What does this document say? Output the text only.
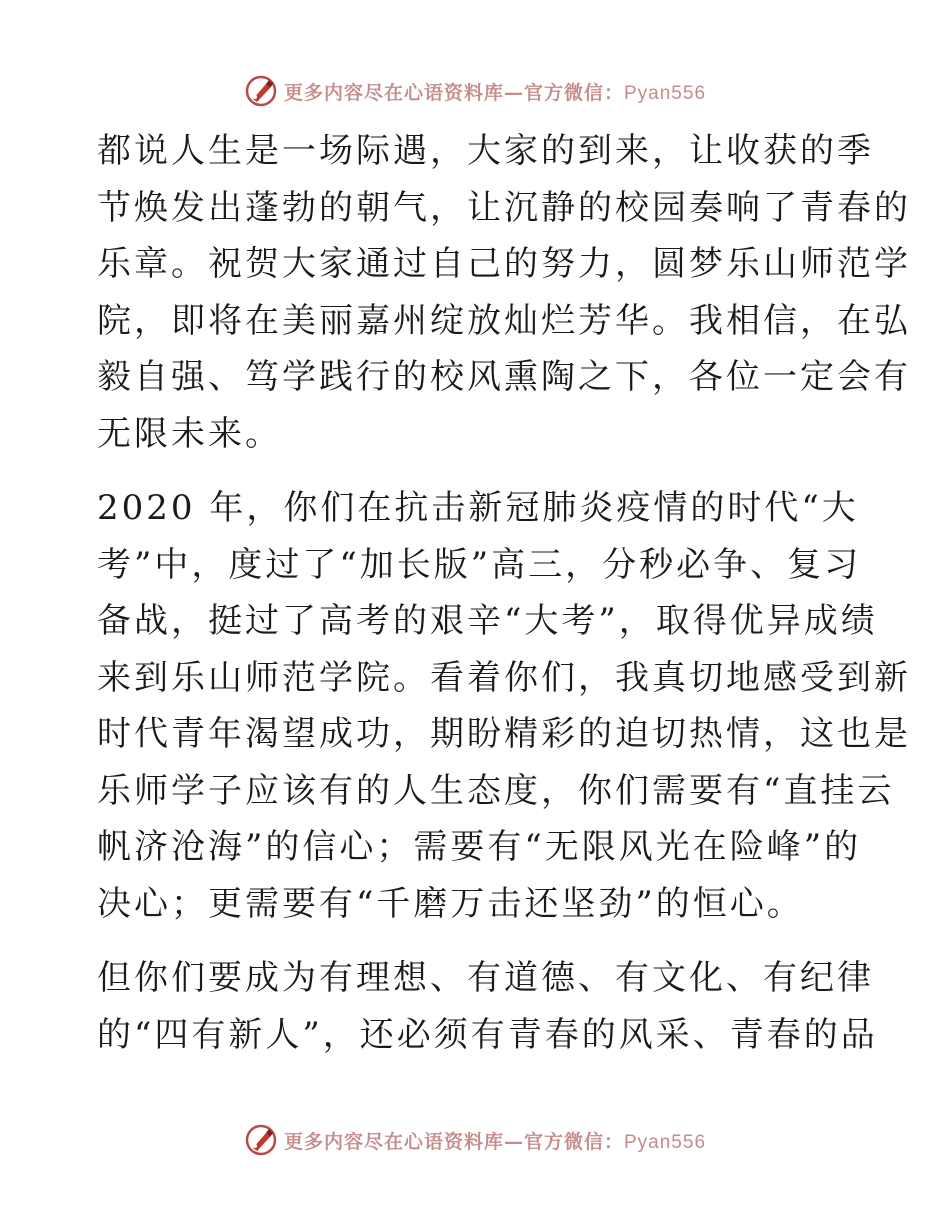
更多内容尽在心语资料库—官方微信：Pyan556

都说人生是一场际遇，大家的到来，让收获的季
节焕发出蓬勃的朝气，让沉静的校园奏响了青春的
乐章。祝贺大家通过自己的努力，圆梦乐山师范学
院，即将在美丽嘉州绽放灿烂芳华。我相信，在弘
毅自强、笃学践行的校风熏陶之下，各位一定会有
无限未来。

2020 年，你们在抗击新冠肺炎疫情的时代“大
考”中，度过了“加长版”高三，分秒必争、复习
备战，挺过了高考的艰辛“大考”，取得优异成绩
来到乐山师范学院。看着你们，我真切地感受到新
时代青年渴望成功，期盼精彩的迫切热情，这也是
乐师学子应该有的人生态度，你们需要有“直挂云
帆济沧海”的信心；需要有“无限风光在险峰”的
决心；更需要有“千磨万击还坚劲”的恒心。

但你们要成为有理想、有道德、有文化、有纪律
的“四有新人”，还必须有青春的风采、青春的品

更多内容尽在心语资料库—官方微信：Pyan556
